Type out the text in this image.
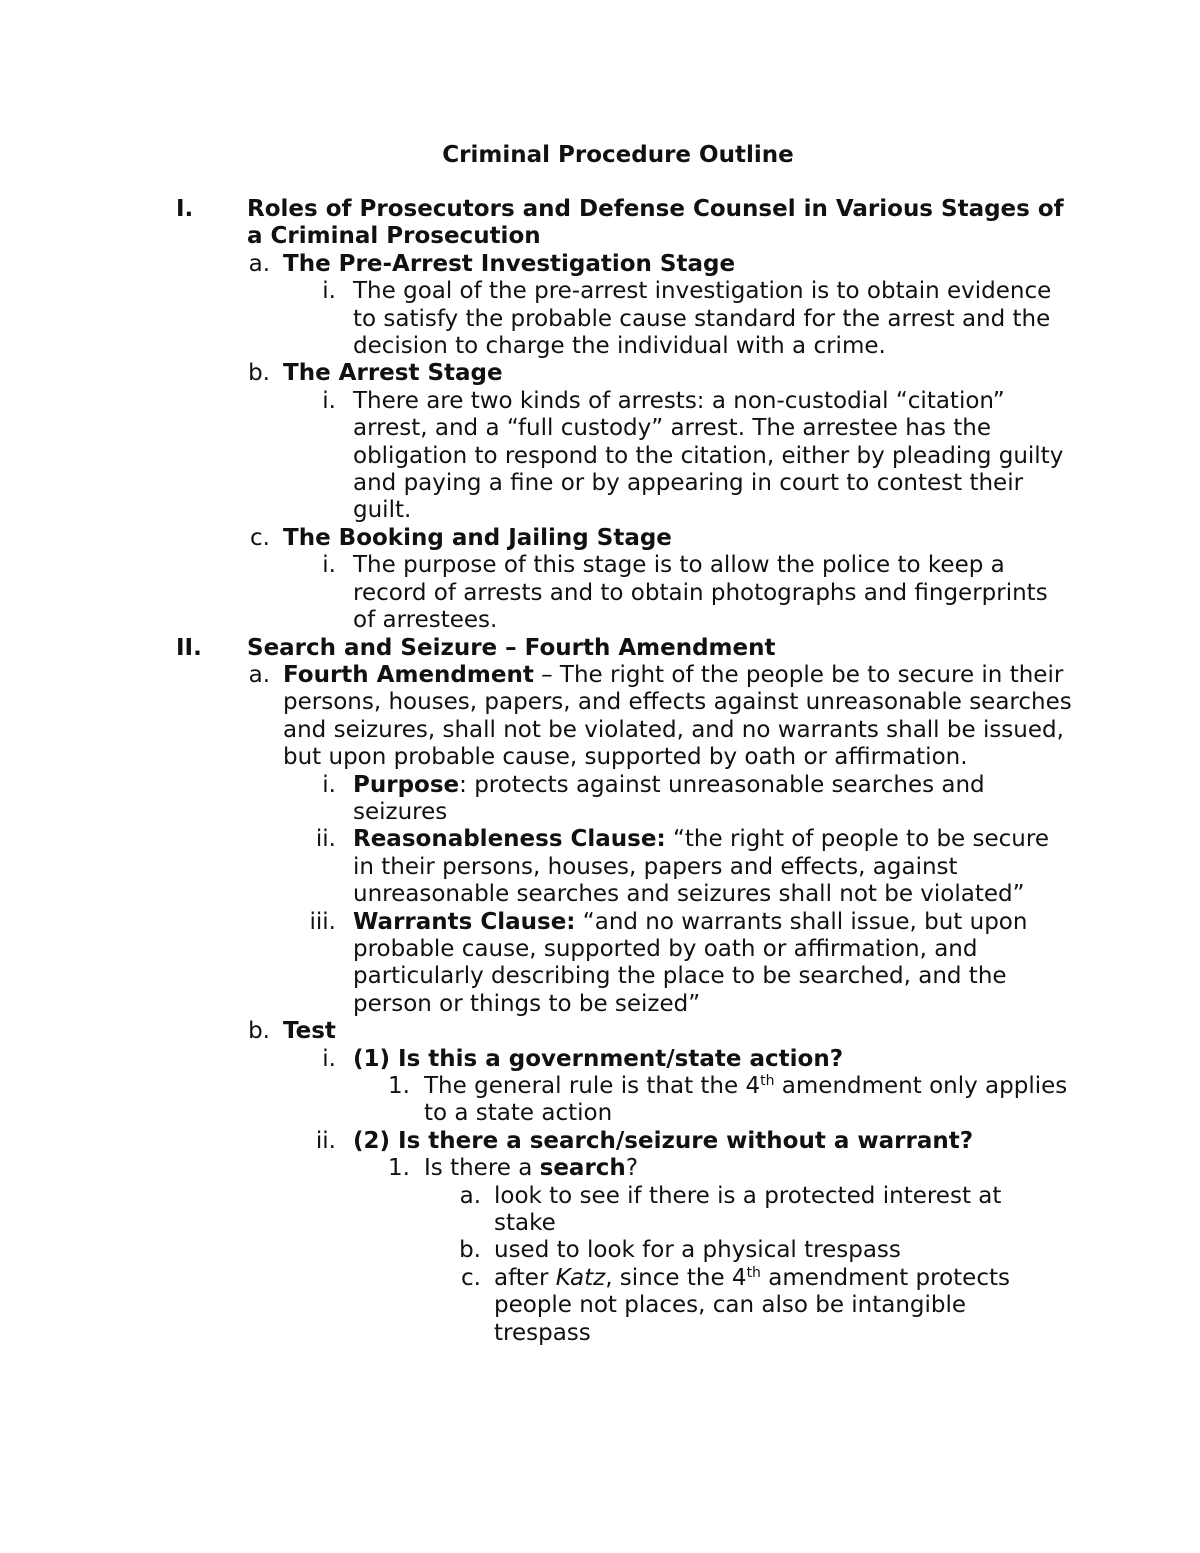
Criminal Procedure Outline
I. Roles of Prosecutors and Defense Counsel in Various Stages of a Criminal Prosecution
a. The Pre-Arrest Investigation Stage
i. The goal of the pre-arrest investigation is to obtain evidence to satisfy the probable cause standard for the arrest and the decision to charge the individual with a crime.
b. The Arrest Stage
i. There are two kinds of arrests: a non-custodial “citation” arrest, and a “full custody” arrest. The arrestee has the obligation to respond to the citation, either by pleading guilty and paying a fine or by appearing in court to contest their guilt.
c. The Booking and Jailing Stage
i. The purpose of this stage is to allow the police to keep a record of arrests and to obtain photographs and fingerprints of arrestees.
II. Search and Seizure – Fourth Amendment
a. Fourth Amendment – The right of the people be to secure in their persons, houses, papers, and effects against unreasonable searches and seizures, shall not be violated, and no warrants shall be issued, but upon probable cause, supported by oath or affirmation.
i. Purpose: protects against unreasonable searches and seizures
ii. Reasonableness Clause: “the right of people to be secure in their persons, houses, papers and effects, against unreasonable searches and seizures shall not be violated”
iii. Warrants Clause: “and no warrants shall issue, but upon probable cause, supported by oath or affirmation, and particularly describing the place to be searched, and the person or things to be seized”
b. Test
i. (1) Is this a government/state action?
1. The general rule is that the 4th amendment only applies to a state action
ii. (2) Is there a search/seizure without a warrant?
1. Is there a search?
a. look to see if there is a protected interest at stake
b. used to look for a physical trespass
c. after Katz, since the 4th amendment protects people not places, can also be intangible trespass
